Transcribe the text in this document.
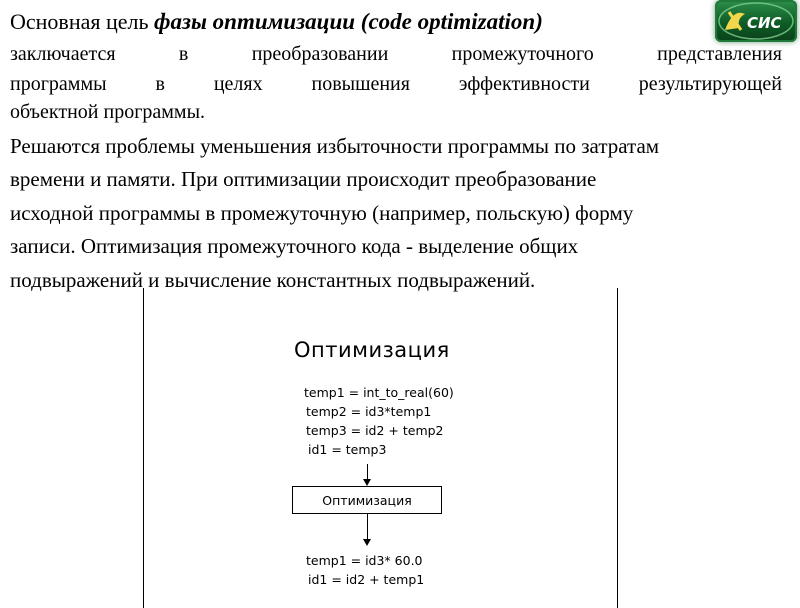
Основная цель фазы оптимизации (code optimization)
заключается	в	преобразовании	промежуточного	представления
программы в целях повышения эффективности результирующей
объектной программы.
Решаются проблемы уменьшения избыточности программы по затратам
времени и памяти. При оптимизации происходит преобразование
исходной программы в промежуточную (например, польскую) форму
записи. Оптимизация промежуточного кода - выделение общих
подвыражений и вычисление константных подвыражений.
СИС
Оптимизация
temp1 = int_to_real(60)
temp2 = id3*temp1
temp3 = id2 + temp2
id1 = temp3
Оптимизация
temp1 = id3* 60.0
id1 = id2 + temp1
